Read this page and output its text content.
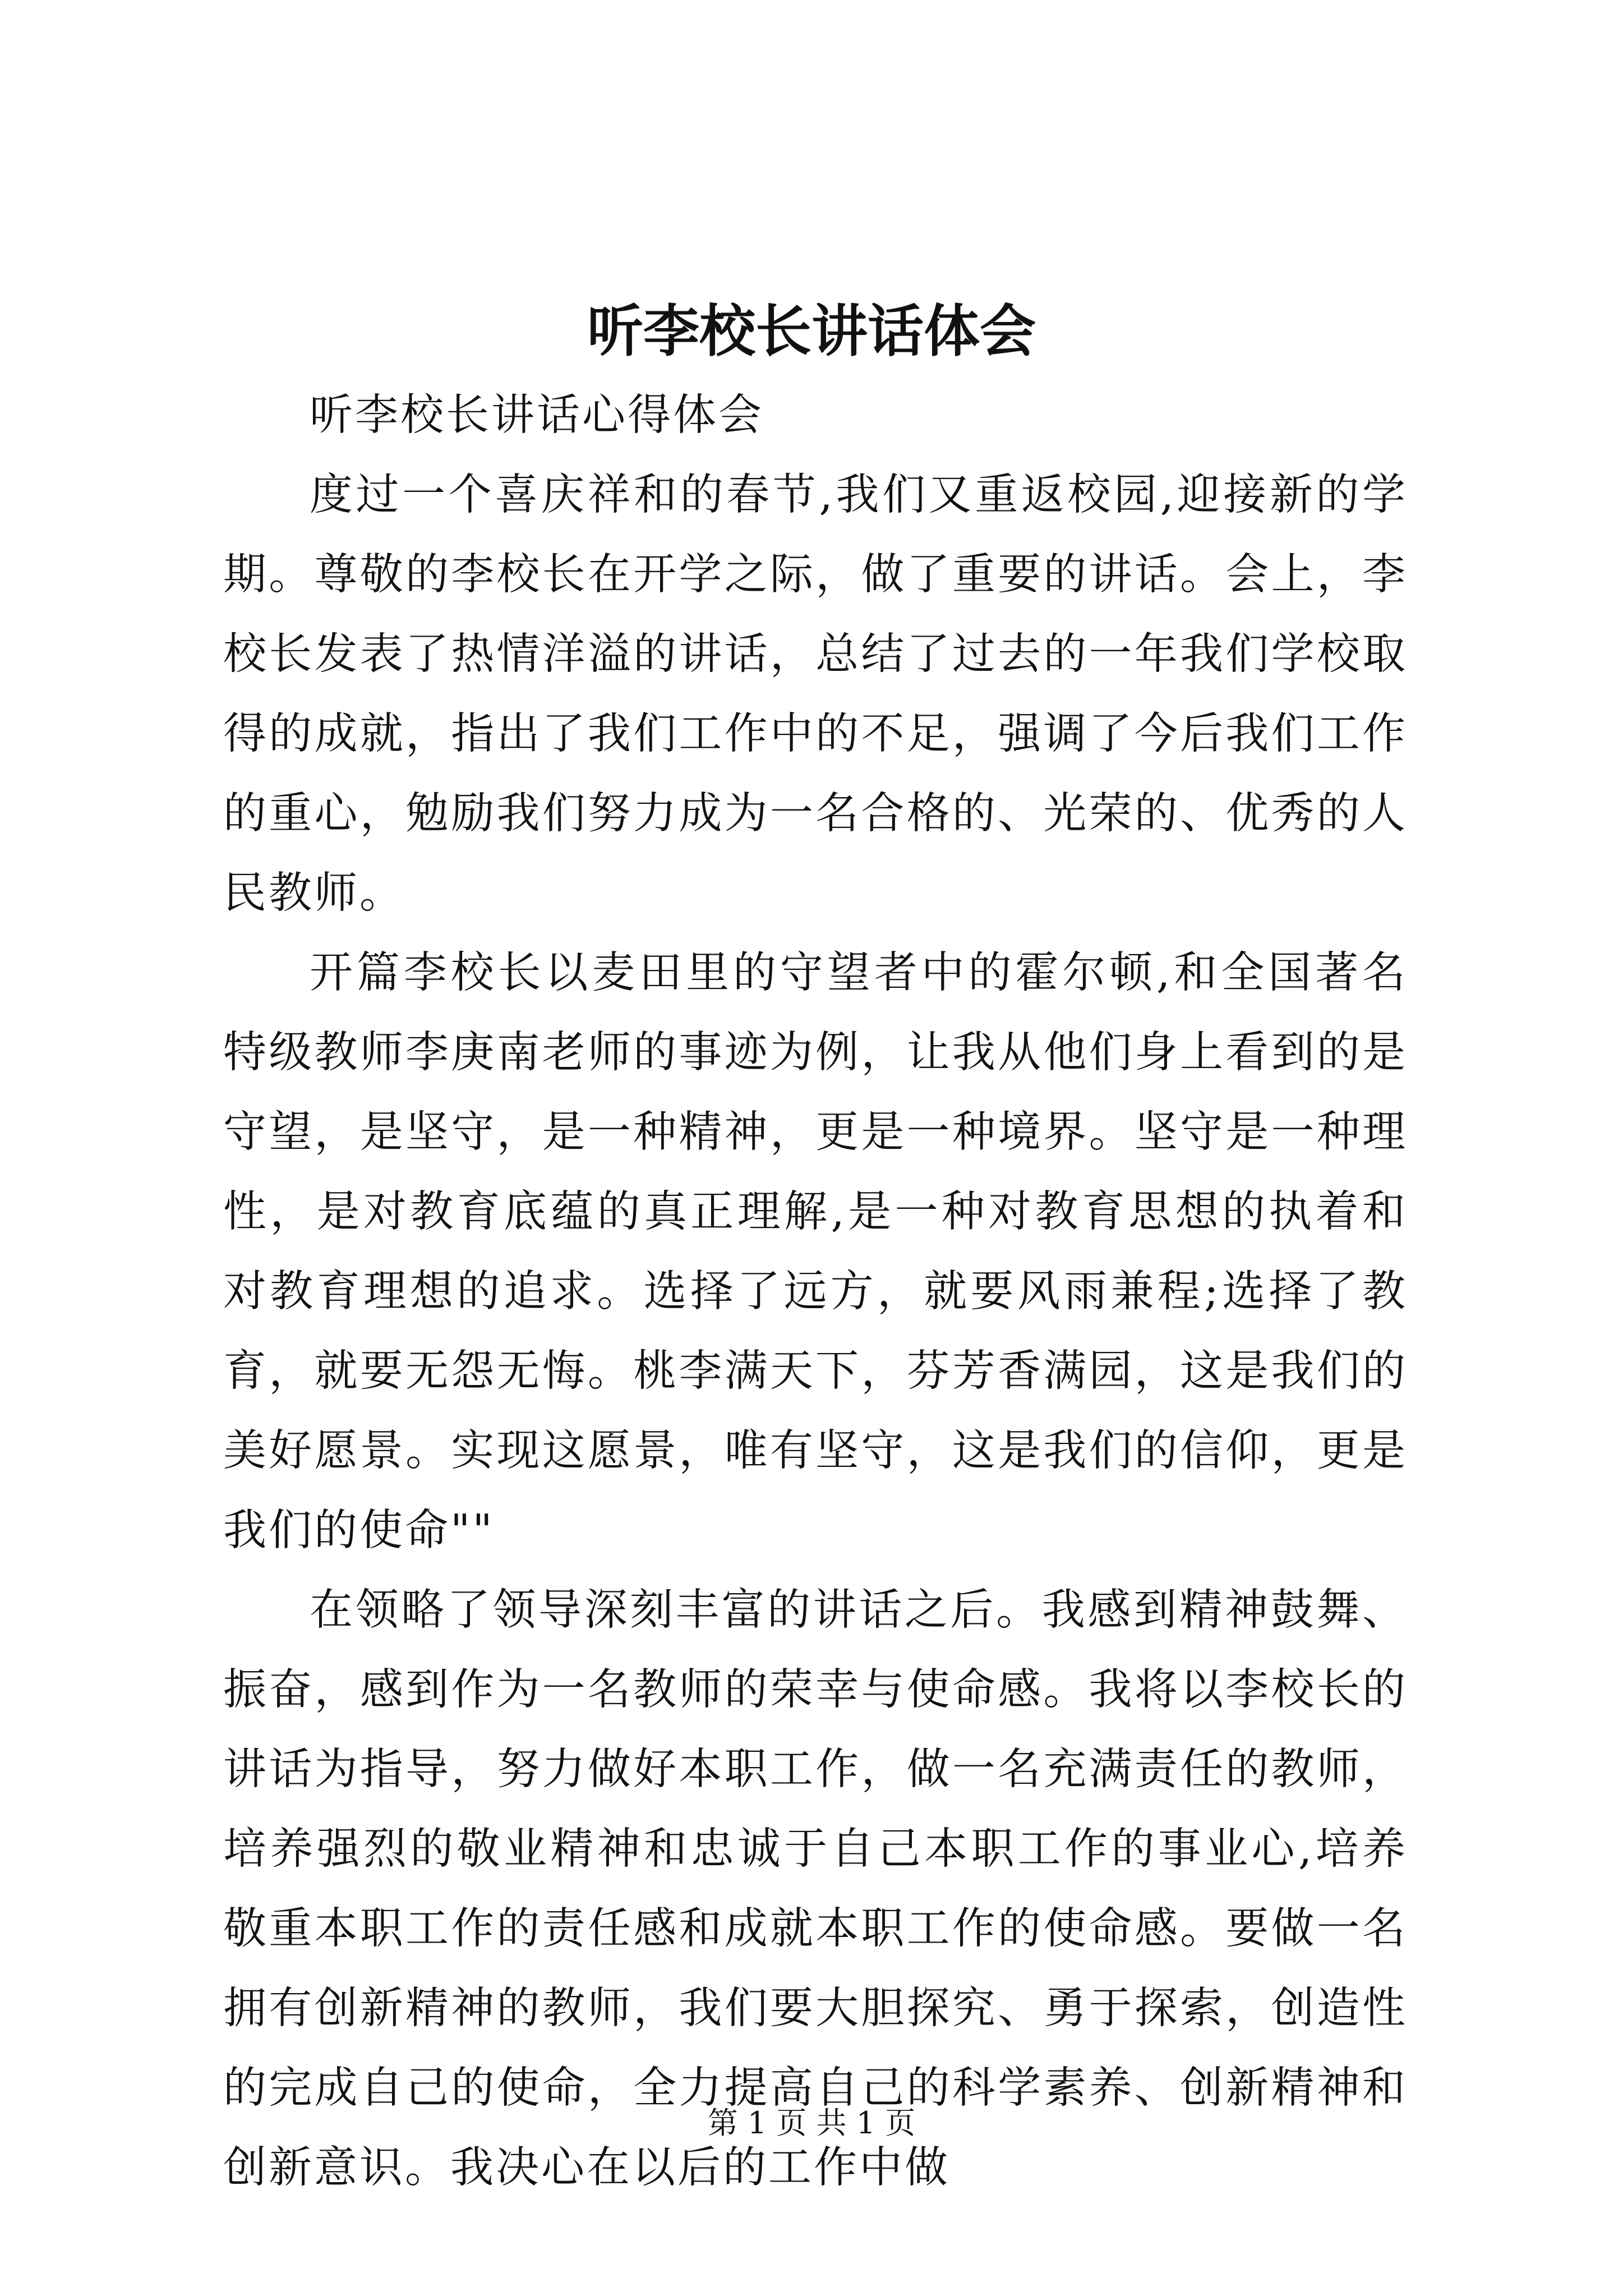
听李校长讲话体会

听李校长讲话心得体会

度过一个喜庆祥和的春节,我们又重返校园,迎接新的学期。尊敬的李校长在开学之际，做了重要的讲话。会上，李校长发表了热情洋溢的讲话，总结了过去的一年我们学校取得的成就，指出了我们工作中的不足，强调了今后我们工作的重心，勉励我们努力成为一名合格的、光荣的、优秀的人民教师。

开篇李校长以麦田里的守望者中的霍尔顿,和全国著名特级教师李庚南老师的事迹为例，让我从他们身上看到的是守望，是坚守，是一种精神，更是一种境界。坚守是一种理性，是对教育底蕴的真正理解,是一种对教育思想的执着和对教育理想的追求。选择了远方，就要风雨兼程;选择了教育，就要无怨无悔。桃李满天下，芬芳香满园，这是我们的美好愿景。实现这愿景，唯有坚守，这是我们的信仰，更是我们的使命""

在领略了领导深刻丰富的讲话之后。我感到精神鼓舞、振奋，感到作为一名教师的荣幸与使命感。我将以李校长的讲话为指导，努力做好本职工作，做一名充满责任的教师，培养强烈的敬业精神和忠诚于自己本职工作的事业心,培养敬重本职工作的责任感和成就本职工作的使命感。要做一名拥有创新精神的教师，我们要大胆探究、勇于探索，创造性的完成自己的使命，全力提高自己的科学素养、创新精神和创新意识。我决心在以后的工作中做

第 1 页 共 1 页
